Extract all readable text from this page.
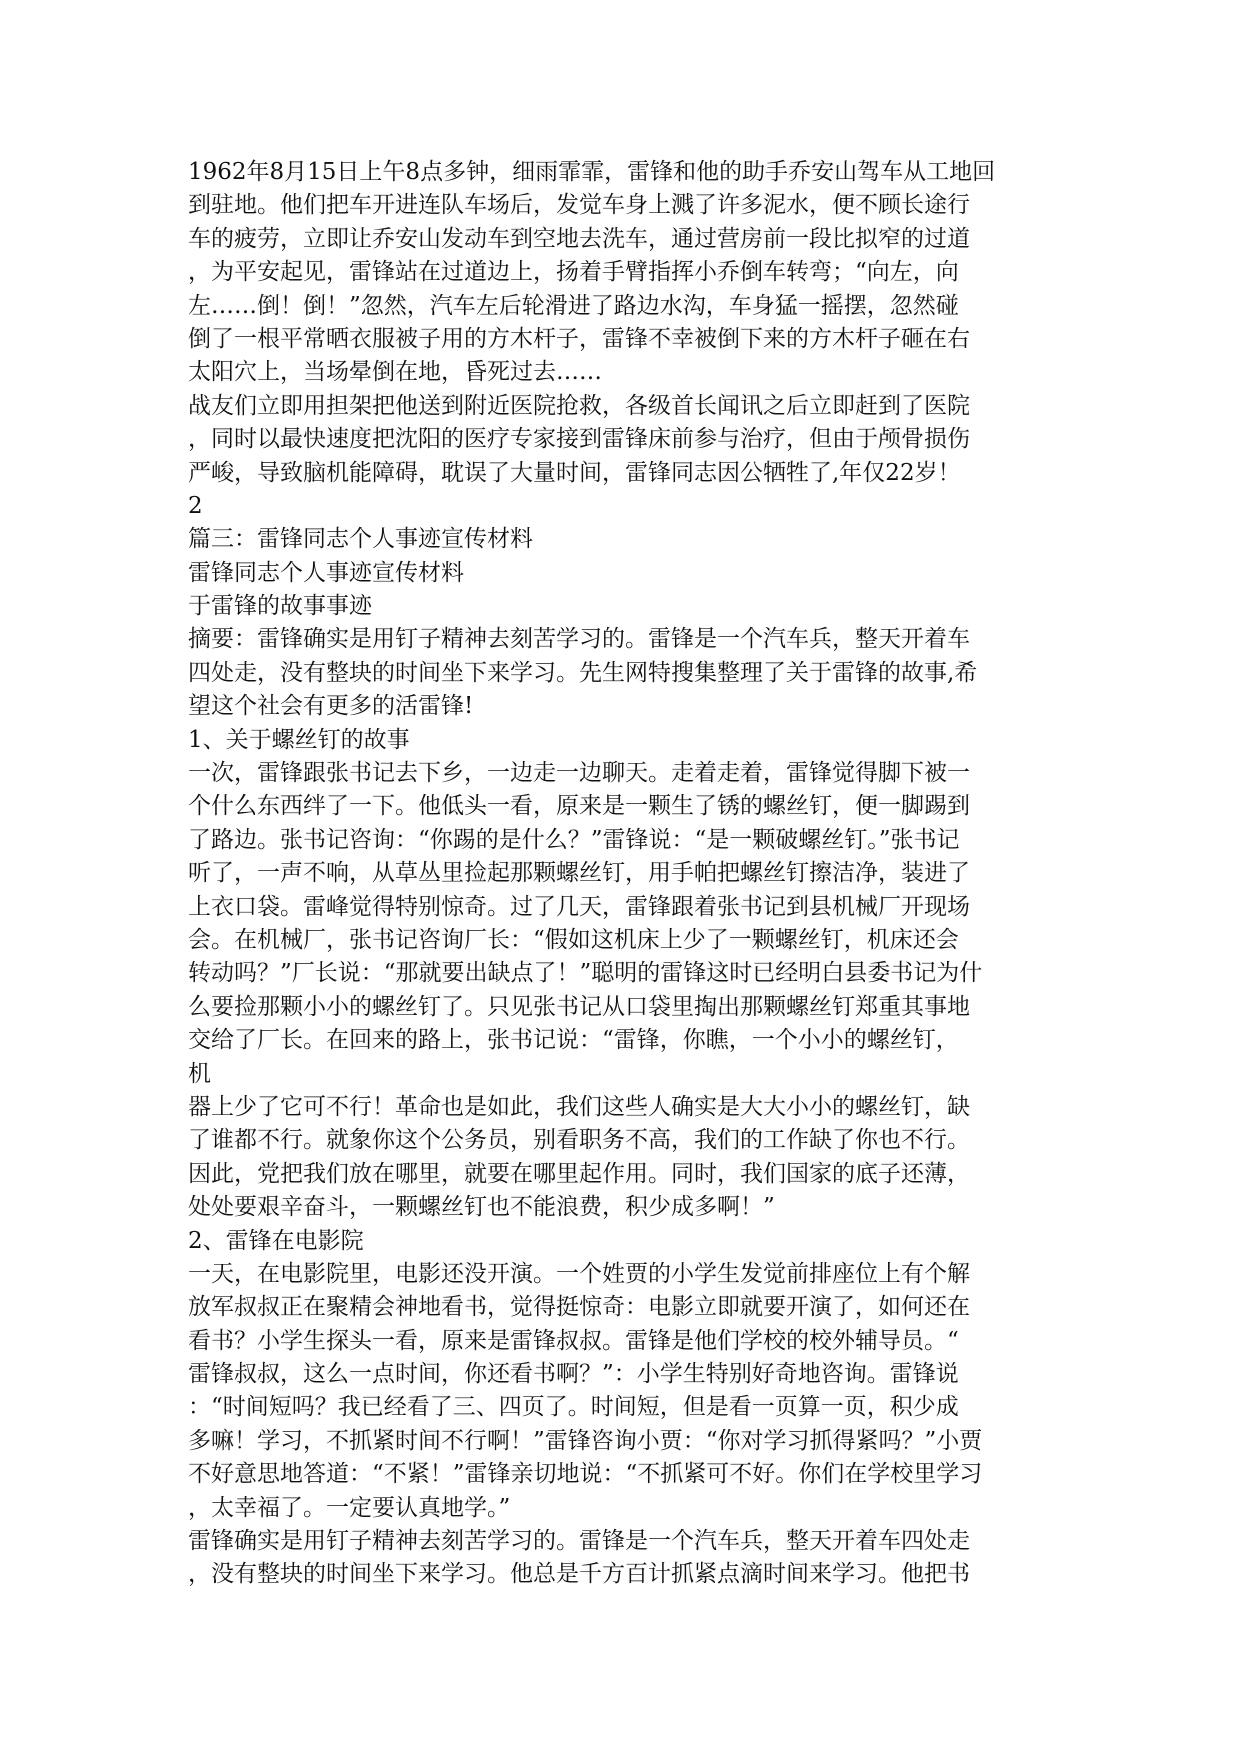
1962年8月15日上午8点多钟，细雨霏霏，雷锋和他的助手乔安山驾车从工地回
到驻地。他们把车开进连队车场后，发觉车身上溅了许多泥水，便不顾长途行
车的疲劳，立即让乔安山发动车到空地去洗车，通过营房前一段比拟窄的过道
，为平安起见，雷锋站在过道边上，扬着手臂指挥小乔倒车转弯；“向左，向
左……倒！倒！”忽然，汽车左后轮滑进了路边水沟，车身猛一摇摆，忽然碰
倒了一根平常晒衣服被子用的方木杆子，雷锋不幸被倒下来的方木杆子砸在右
太阳穴上，当场晕倒在地，昏死过去……
战友们立即用担架把他送到附近医院抢救，各级首长闻讯之后立即赶到了医院
，同时以最快速度把沈阳的医疗专家接到雷锋床前参与治疗，但由于颅骨损伤
严峻，导致脑机能障碍，耽误了大量时间，雷锋同志因公牺牲了,年仅22岁！
2
篇三：雷锋同志个人事迹宣传材料
雷锋同志个人事迹宣传材料
于雷锋的故事事迹
摘要：雷锋确实是用钉子精神去刻苦学习的。雷锋是一个汽车兵，整天开着车
四处走，没有整块的时间坐下来学习。先生网特搜集整理了关于雷锋的故事,希
望这个社会有更多的活雷锋!
1、关于螺丝钉的故事
一次，雷锋跟张书记去下乡，一边走一边聊天。走着走着，雷锋觉得脚下被一
个什么东西绊了一下。他低头一看，原来是一颗生了锈的螺丝钉，便一脚踢到
了路边。张书记咨询：“你踢的是什么？”雷锋说：“是一颗破螺丝钉。”张书记
听了，一声不响，从草丛里捡起那颗螺丝钉，用手帕把螺丝钉擦洁净，装进了
上衣口袋。雷峰觉得特别惊奇。过了几天，雷锋跟着张书记到县机械厂开现场
会。在机械厂，张书记咨询厂长：“假如这机床上少了一颗螺丝钉，机床还会
转动吗？”厂长说：“那就要出缺点了！”聪明的雷锋这时已经明白县委书记为什
么要捡那颗小小的螺丝钉了。只见张书记从口袋里掏出那颗螺丝钉郑重其事地
交给了厂长。在回来的路上，张书记说：“雷锋，你瞧，一个小小的螺丝钉，
机
器上少了它可不行！革命也是如此，我们这些人确实是大大小小的螺丝钉，缺
了谁都不行。就象你这个公务员，别看职务不高，我们的工作缺了你也不行。
因此，党把我们放在哪里，就要在哪里起作用。同时，我们国家的底子还薄，
处处要艰辛奋斗，一颗螺丝钉也不能浪费，积少成多啊！”
2、雷锋在电影院
一天，在电影院里，电影还没开演。一个姓贾的小学生发觉前排座位上有个解
放军叔叔正在聚精会神地看书，觉得挺惊奇：电影立即就要开演了，如何还在
看书？小学生探头一看，原来是雷锋叔叔。雷锋是他们学校的校外辅导员。“
雷锋叔叔，这么一点时间，你还看书啊？”：小学生特别好奇地咨询。雷锋说
：“时间短吗？我已经看了三、四页了。时间短，但是看一页算一页，积少成
多嘛！学习，不抓紧时间不行啊！”雷锋咨询小贾：“你对学习抓得紧吗？”小贾
不好意思地答道：“不紧！”雷锋亲切地说：“不抓紧可不好。你们在学校里学习
，太幸福了。一定要认真地学。”
雷锋确实是用钉子精神去刻苦学习的。雷锋是一个汽车兵，整天开着车四处走
，没有整块的时间坐下来学习。他总是千方百计抓紧点滴时间来学习。他把书
